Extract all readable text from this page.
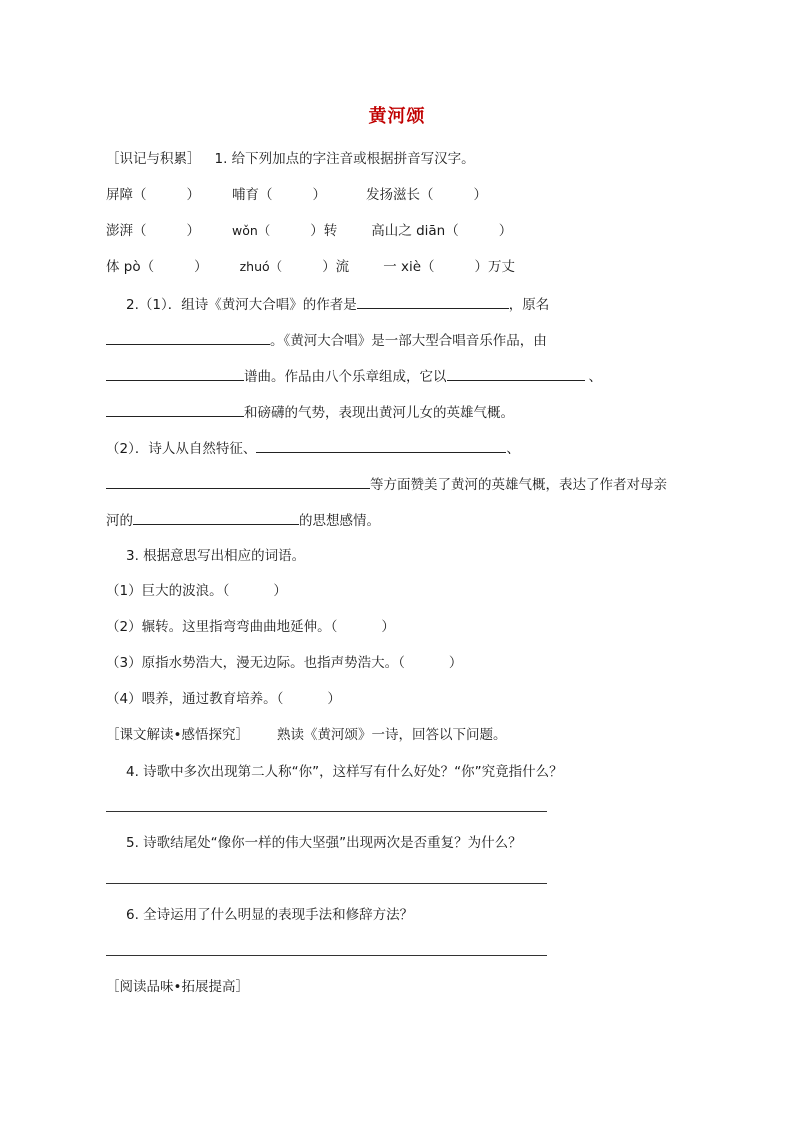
黄河颂
［识记与积累］ 1. 给下列加点的字注音或根据拼音写汉字。
屏障（	） 哺育（	）	发扬滋长（	）
澎湃（	）	wǒn（	）转	高山之 diān（	）
体 pò（	）	zhuó（	）流	一 xiè（	）万丈
2.（1）．组诗《黄河大合唱》的作者是	，原名
。《黄河大合唱》是一部大型合唱音乐作品，由
谱曲。作品由八个乐章组成，它以	、
和磅礴的气势，表现出黄河儿女的英雄气概。
（2）．诗人从自然特征、	、
等方面赞美了黄河的英雄气概，表达了作者对母亲
河的	的思想感情。
3. 根据意思写出相应的词语。
（1）巨大的波浪。（	）
（2）辗转。这里指弯弯曲曲地延伸。（	）
（3）原指水势浩大，漫无边际。也指声势浩大。（	）
（4）喂养，通过教育培养。（	）
［课文解读•感悟探究］ 熟读《黄河颂》一诗，回答以下问题。
4. 诗歌中多次出现第二人称“你”，这样写有什么好处？“你”究竟指什么？
5. 诗歌结尾处“像你一样的伟大坚强”出现两次是否重复？为什么？
6. 全诗运用了什么明显的表现手法和修辞方法？
［阅读品味•拓展提高］
